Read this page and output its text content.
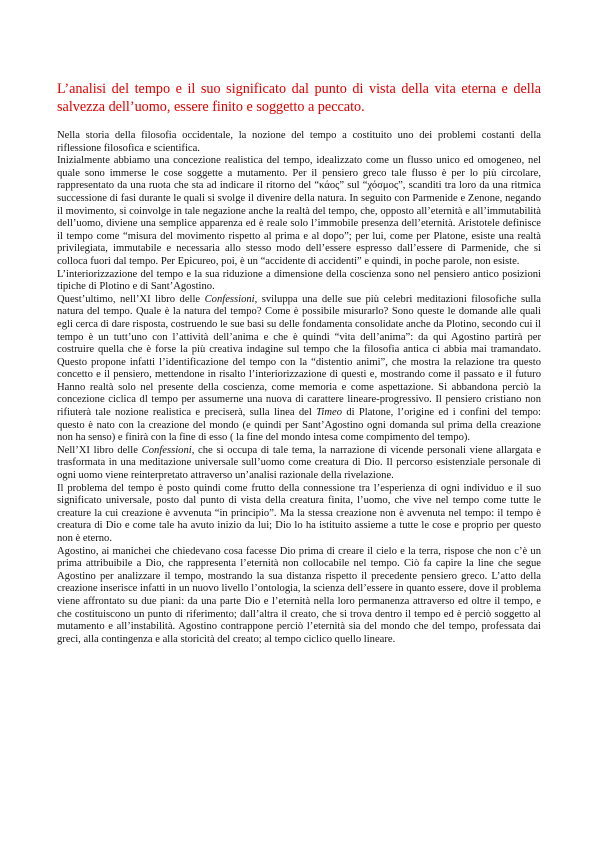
L’analisi del tempo e il suo significato dal punto di vista della vita eterna e della salvezza dell’uomo, essere finito e soggetto a peccato.

Nella storia della filosofia occidentale, la nozione del tempo a costituito uno dei problemi costanti della riflessione filosofica e scientifica.

Inizialmente abbiamo una concezione realistica del tempo, idealizzato come un flusso unico ed omogeneo, nel quale sono immerse le cose soggette a mutamento. Per il pensiero greco tale flusso è per lo più circolare, rappresentato da una ruota che sta ad indicare il ritorno del “κάος” sul “χόσμος”, scanditi tra loro da una ritmica successione di fasi durante le quali si svolge il divenire della natura. In seguito con Parmenide e Zenone, negando il movimento, si coinvolge in tale negazione anche la realtà del tempo, che, opposto all’eternità e all’immutabilità dell’uomo, diviene una semplice apparenza ed è reale solo l’immobile presenza dell’eternità. Aristotele definisce il tempo come “misura del movimento rispetto al prima e al dopo”; per lui, come per Platone, esiste una realtà privilegiata, immutabile e necessaria allo stesso modo dell’essere espresso dall’essere di Parmenide, che si colloca fuori dal tempo. Per Epicureo, poi, è un “accidente di accidenti” e quindi, in poche parole, non esiste.

L’interiorizzazione del tempo e la sua riduzione a dimensione della coscienza sono nel pensiero antico posizioni tipiche di Plotino e di Sant’Agostino.

Quest’ultimo, nell’XI libro delle Confessioni, sviluppa una delle sue più celebri meditazioni filosofiche sulla natura del tempo. Quale è la natura del tempo? Come è possibile misurarlo? Sono queste le domande alle quali egli cerca di dare risposta, costruendo le sue basi su delle fondamenta consolidate anche da Plotino, secondo cui il tempo è un tutt’uno con l’attività dell’anima e che è quindi “vita dell’anima”: da qui Agostino partirà per costruire quella che è forse la più creativa indagine sul tempo che la filosofia antica ci abbia mai tramandato. Questo propone infatti l’identificazione del tempo con la “distentio animi”, che mostra la relazione tra questo concetto e il pensiero, mettendone in risalto l’interiorizzazione di questi e, mostrando come il passato e il futuro Hanno realtà solo nel presente della coscienza, come memoria e come aspettazione. Si abbandona perciò la concezione ciclica dl tempo per assumerne una nuova di carattere lineare-progressivo. Il pensiero cristiano non rifiuterà tale nozione realistica e preciserà, sulla linea del Timeo di Platone, l’origine ed i confini del tempo: questo è nato con la creazione del mondo (e quindi per Sant’Agostino ogni domanda sul prima della creazione non ha senso) e finirà con la fine di esso ( la fine del mondo intesa come compimento del tempo).

Nell’XI libro delle Confessioni, che si occupa di tale tema, la narrazione di vicende personali viene allargata e trasformata in una meditazione universale sull’uomo come creatura di Dio. Il percorso esistenziale personale di ogni uomo viene reinterpretato attraverso un’analisi razionale della rivelazione.

Il problema del tempo è posto quindi come frutto della connessione tra l’esperienza di ogni individuo e il suo significato universale, posto dal punto di vista della creatura finita, l’uomo, che vive nel tempo come tutte le creature la cui creazione è avvenuta “in principio”. Ma la stessa creazione non è avvenuta nel tempo: il tempo è creatura di Dio e come tale ha avuto inizio da lui; Dio lo ha istituito assieme a tutte le cose e proprio per questo non è eterno.

Agostino, ai manichei che chiedevano cosa facesse Dio prima di creare il cielo e la terra, rispose che non c’è un prima attribuibile a Dio, che rappresenta l’eternità non collocabile nel tempo. Ciò fa capire la line che segue Agostino per analizzare il tempo, mostrando la sua distanza rispetto il precedente pensiero greco. L’atto della creazione inserisce infatti in un nuovo livello l’ontologia, la scienza dell’essere in quanto essere, dove il problema viene affrontato su due piani: da una parte Dio e l’eternità nella loro permanenza attraverso ed oltre il tempo, e che costituiscono un punto di riferimento; dall’altra il creato, che si trova dentro il tempo ed è perciò soggetto al mutamento e all’instabilità. Agostino contrappone perciò l’eternità sia del mondo che del tempo, professata dai greci, alla contingenza e alla storicità del creato; al tempo ciclico quello lineare.
